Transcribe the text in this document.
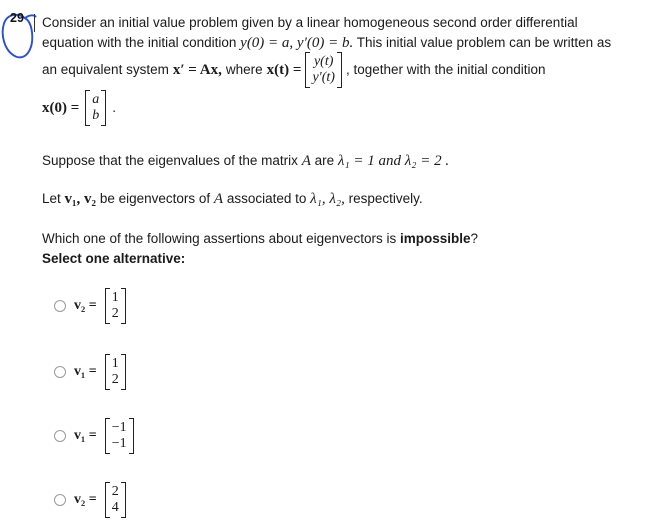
29 Consider an initial value problem given by a linear homogeneous second order differential
equation with the initial condition y(0) = a, y′(0) = b. This initial value problem can be written as
an equivalent system x′ = Ax, where x(t) =
y(t)
y′(t)
, together with the initial condition
x(0) =
a
b
.
Suppose that the eigenvalues of the matrix A are λ₁ = 1 and λ₂ = 2 .
Let v₁, v₂ be eigenvectors of A associated to λ₁, λ₂, respectively.
Which one of the following assertions about eigenvectors is impossible?
Select one alternative:
v₂ =
1
2
v₁ =
1
2
v₁ =
−1
−1
v₂ =
2
4
